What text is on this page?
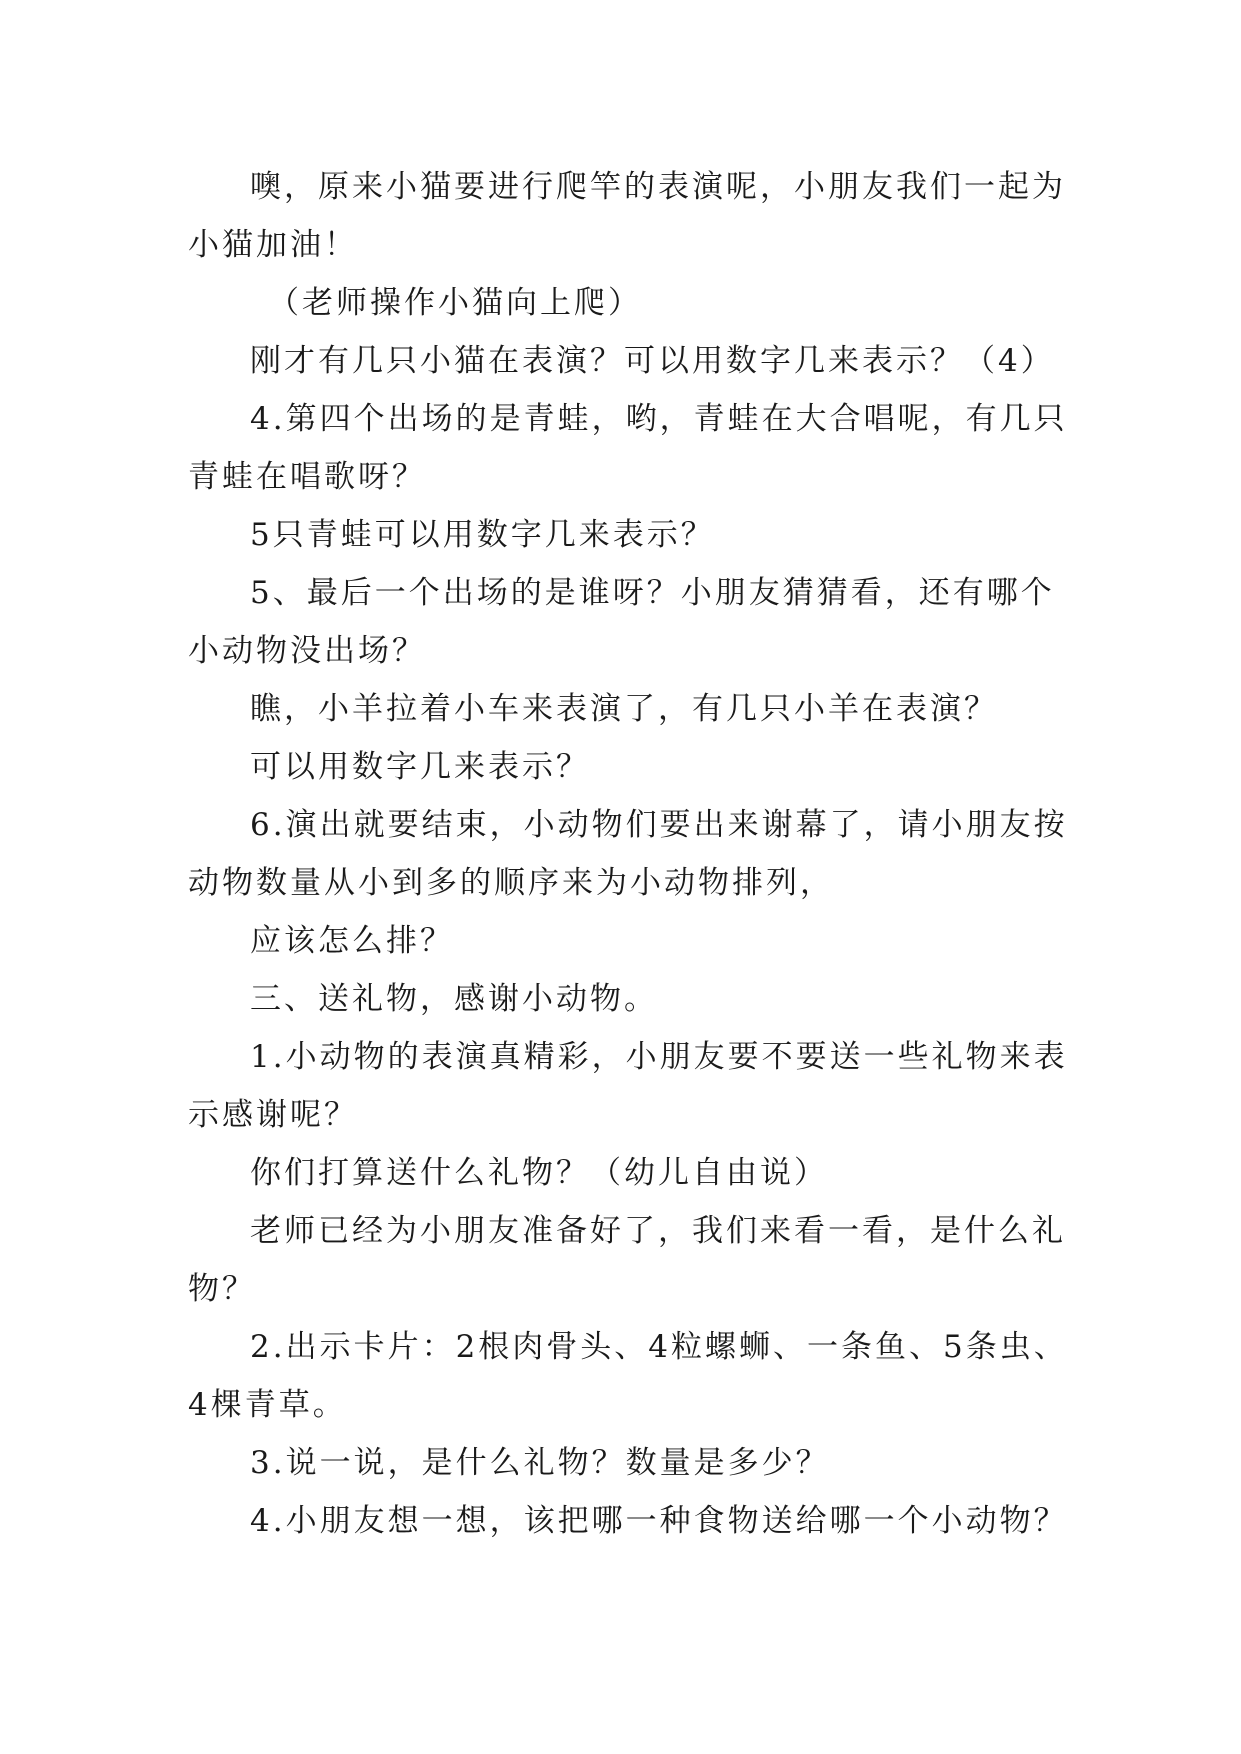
噢，原来小猫要进行爬竿的表演呢，小朋友我们一起为小猫加油！

（老师操作小猫向上爬）

刚才有几只小猫在表演？可以用数字几来表示？（4）

4.第四个出场的是青蛙，哟，青蛙在大合唱呢，有几只青蛙在唱歌呀？

5只青蛙可以用数字几来表示？

5、最后一个出场的是谁呀？小朋友猜猜看，还有哪个小动物没出场？

瞧，小羊拉着小车来表演了，有几只小羊在表演？

可以用数字几来表示？

6.演出就要结束，小动物们要出来谢幕了，请小朋友按动物数量从小到多的顺序来为小动物排列，

应该怎么排？

三、送礼物，感谢小动物。

1.小动物的表演真精彩，小朋友要不要送一些礼物来表示感谢呢？

你们打算送什么礼物？（幼儿自由说）

老师已经为小朋友准备好了，我们来看一看，是什么礼物？

2.出示卡片：2根肉骨头、4粒螺蛳、一条鱼、5条虫、4棵青草。

3.说一说，是什么礼物？数量是多少？

4.小朋友想一想，该把哪一种食物送给哪一个小动物？
